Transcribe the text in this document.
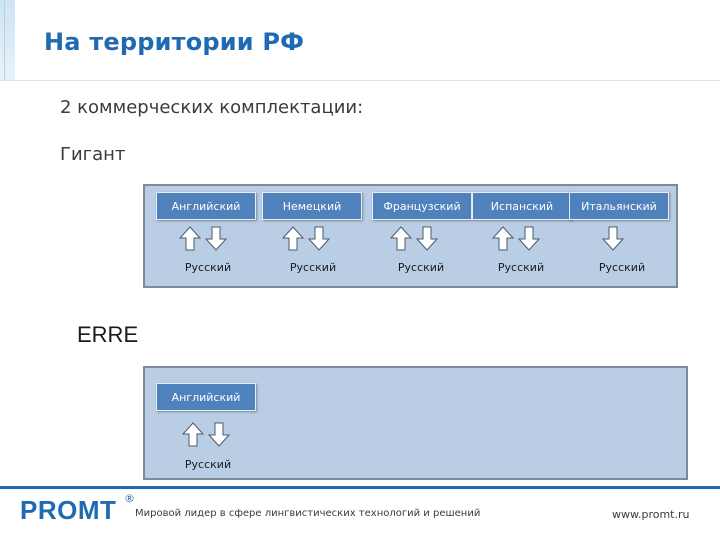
На территории РФ
2 коммерческих комплектации:
Гигант
Английский	Немецкий	Французский	Испанский	Итальянский
Русский	Русский	Русский	Русский	Русский
ERRE
Английский
Русский
PROMT ®
Мировой лидер в сфере лингвистических технологий и решений	www.promt.ru
